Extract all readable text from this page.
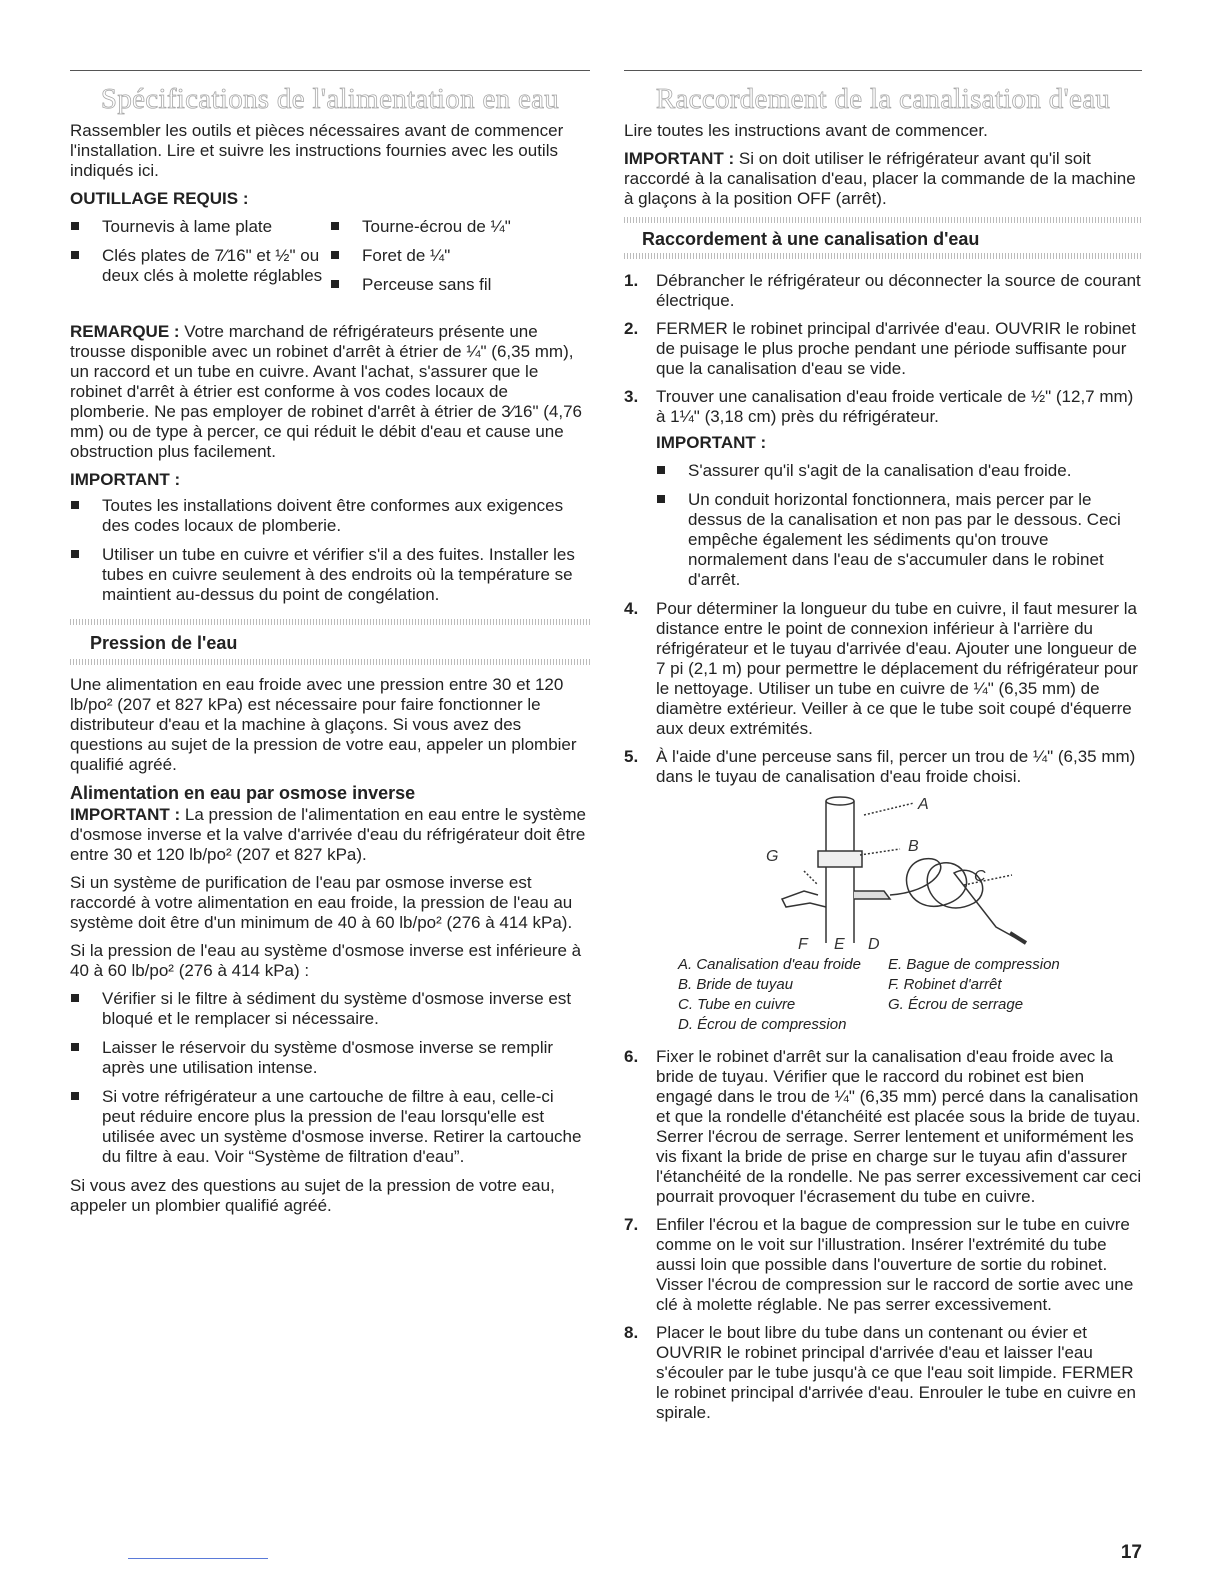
Spécifications de l'alimentation en eau

Rassembler les outils et pièces nécessaires avant de commencer l'installation. Lire et suivre les instructions fournies avec les outils indiqués ici.

OUTILLAGE REQUIS :
Tournevis à lame plate
Clés plates de 7⁄16" et ½" ou deux clés à molette réglables
Tourne-écrou de ¼"
Foret de ¼"
Perceuse sans fil

REMARQUE : Votre marchand de réfrigérateurs présente une trousse disponible avec un robinet d'arrêt à étrier de ¼" (6,35 mm), un raccord et un tube en cuivre. Avant l'achat, s'assurer que le robinet d'arrêt à étrier est conforme à vos codes locaux de plomberie. Ne pas employer de robinet d'arrêt à étrier de 3⁄16" (4,76 mm) ou de type à percer, ce qui réduit le débit d'eau et cause une obstruction plus facilement.

IMPORTANT :
Toutes les installations doivent être conformes aux exigences des codes locaux de plomberie.
Utiliser un tube en cuivre et vérifier s'il a des fuites. Installer les tubes en cuivre seulement à des endroits où la température se maintient au-dessus du point de congélation.
Pression de l'eau

Une alimentation en eau froide avec une pression entre 30 et 120 lb/po² (207 et 827 kPa) est nécessaire pour faire fonctionner le distributeur d'eau et la machine à glaçons. Si vous avez des questions au sujet de la pression de votre eau, appeler un plombier qualifié agréé.

Alimentation en eau par osmose inverse

IMPORTANT : La pression de l'alimentation en eau entre le système d'osmose inverse et la valve d'arrivée d'eau du réfrigérateur doit être entre 30 et 120 lb/po² (207 et 827 kPa).

Si un système de purification de l'eau par osmose inverse est raccordé à votre alimentation en eau froide, la pression de l'eau au système doit être d'un minimum de 40 à 60 lb/po² (276 à 414 kPa).

Si la pression de l'eau au système d'osmose inverse est inférieure à 40 à 60 lb/po² (276 à 414 kPa) :

Vérifier si le filtre à sédiment du système d'osmose inverse est bloqué et le remplacer si nécessaire.
Laisser le réservoir du système d'osmose inverse se remplir après une utilisation intense.
Si votre réfrigérateur a une cartouche de filtre à eau, celle-ci peut réduire encore plus la pression de l'eau lorsqu'elle est utilisée avec un système d'osmose inverse. Retirer la cartouche du filtre à eau. Voir “Système de filtration d'eau”.

Si vous avez des questions au sujet de la pression de votre eau, appeler un plombier qualifié agréé.

Raccordement de la canalisation d'eau

Lire toutes les instructions avant de commencer.

IMPORTANT : Si on doit utiliser le réfrigérateur avant qu'il soit raccordé à la canalisation d'eau, placer la commande de la machine à glaçons à la position OFF (arrêt).

Raccordement à une canalisation d'eau
1. Débrancher le réfrigérateur ou déconnecter la source de courant électrique.
2. FERMER le robinet principal d'arrivée d'eau. OUVRIR le robinet de puisage le plus proche pendant une période suffisante pour que la canalisation d'eau se vide.
3. Trouver une canalisation d'eau froide verticale de ½" (12,7 mm) à 1¼" (3,18 cm) près du réfrigérateur.
IMPORTANT :
S'assurer qu'il s'agit de la canalisation d'eau froide.
Un conduit horizontal fonctionnera, mais percer par le dessus de la canalisation et non pas par le dessous. Ceci empêche également les sédiments qu'on trouve normalement dans l'eau de s'accumuler dans le robinet d'arrêt.
4. Pour déterminer la longueur du tube en cuivre, il faut mesurer la distance entre le point de connexion inférieur à l'arrière du réfrigérateur et le tuyau d'arrivée d'eau. Ajouter une longueur de 7 pi (2,1 m) pour permettre le déplacement du réfrigérateur pour le nettoyage. Utiliser un tube en cuivre de ¼" (6,35 mm) de diamètre extérieur. Veiller à ce que le tube soit coupé d'équerre aux deux extrémités.
5. À l'aide d'une perceuse sans fil, percer un trou de ¼" (6,35 mm) dans le tuyau de canalisation d'eau froide choisi.
A
B
C
G
F E D
A. Canalisation d'eau froide
B. Bride de tuyau
C. Tube en cuivre
D. Écrou de compression
E. Bague de compression
F. Robinet d'arrêt
G. Écrou de serrage
6. Fixer le robinet d'arrêt sur la canalisation d'eau froide avec la bride de tuyau. Vérifier que le raccord du robinet est bien engagé dans le trou de ¼" (6,35 mm) percé dans la canalisation et que la rondelle d'étanchéité est placée sous la bride de tuyau. Serrer l'écrou de serrage. Serrer lentement et uniformément les vis fixant la bride de prise en charge sur le tuyau afin d'assurer l'étanchéité de la rondelle. Ne pas serrer excessivement car ceci pourrait provoquer l'écrasement du tube en cuivre.
7. Enfiler l'écrou et la bague de compression sur le tube en cuivre comme on le voit sur l'illustration. Insérer l'extrémité du tube aussi loin que possible dans l'ouverture de sortie du robinet. Visser l'écrou de compression sur le raccord de sortie avec une clé à molette réglable. Ne pas serrer excessivement.
8. Placer le bout libre du tube dans un contenant ou évier et OUVRIR le robinet principal d'arrivée d'eau et laisser l'eau s'écouler par le tube jusqu'à ce que l'eau soit limpide. FERMER le robinet principal d'arrivée d'eau. Enrouler le tube en cuivre en spirale.
17
